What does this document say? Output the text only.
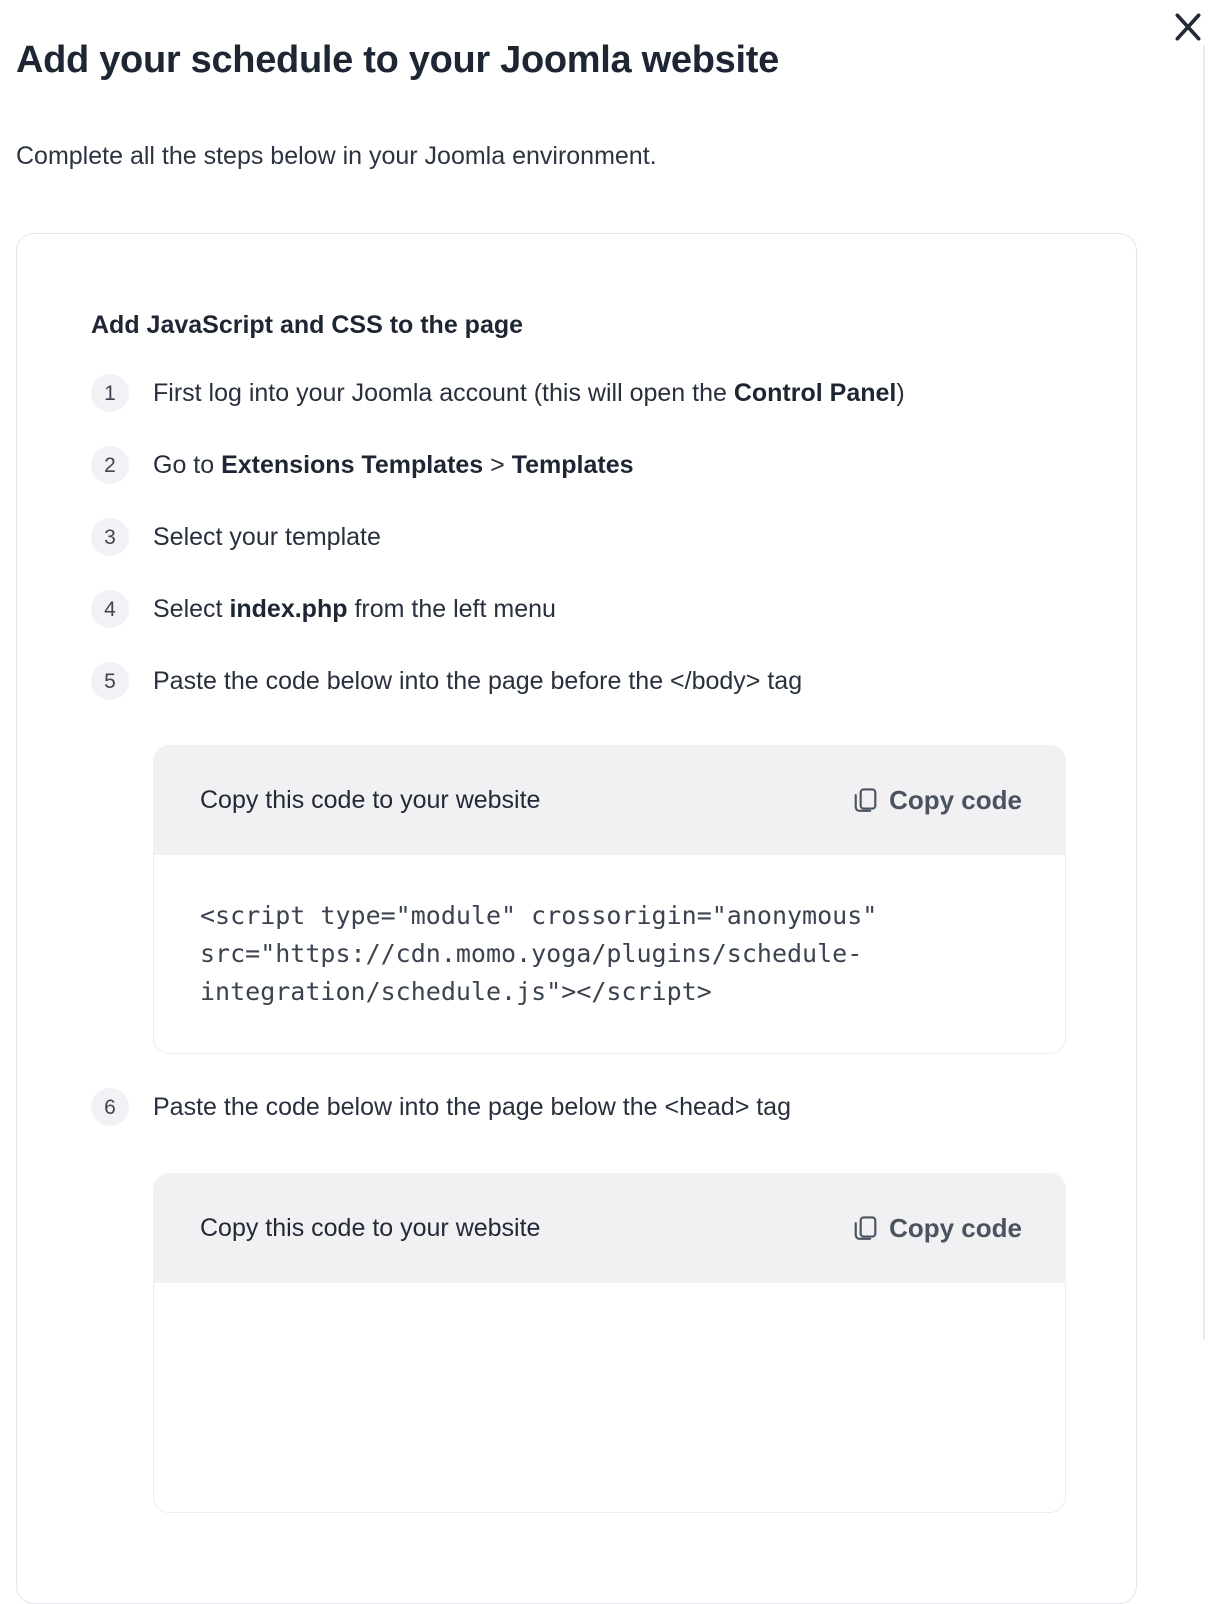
Add your schedule to your Joomla website

Complete all the steps below in your Joomla environment.

Add JavaScript and CSS to the page
1	First log into your Joomla account (this will open the Control Panel)
2	Go to Extensions Templates > Templates
3	Select your template
4	Select index.php from the left menu
5	Paste the code below into the page before the </body> tag
Copy this code to your website	Copy code
<script type="module" crossorigin="anonymous"
src="https://cdn.momo.yoga/plugins/schedule-
integration/schedule.js"></script>
6	Paste the code below into the page below the <head> tag
Copy this code to your website	Copy code
